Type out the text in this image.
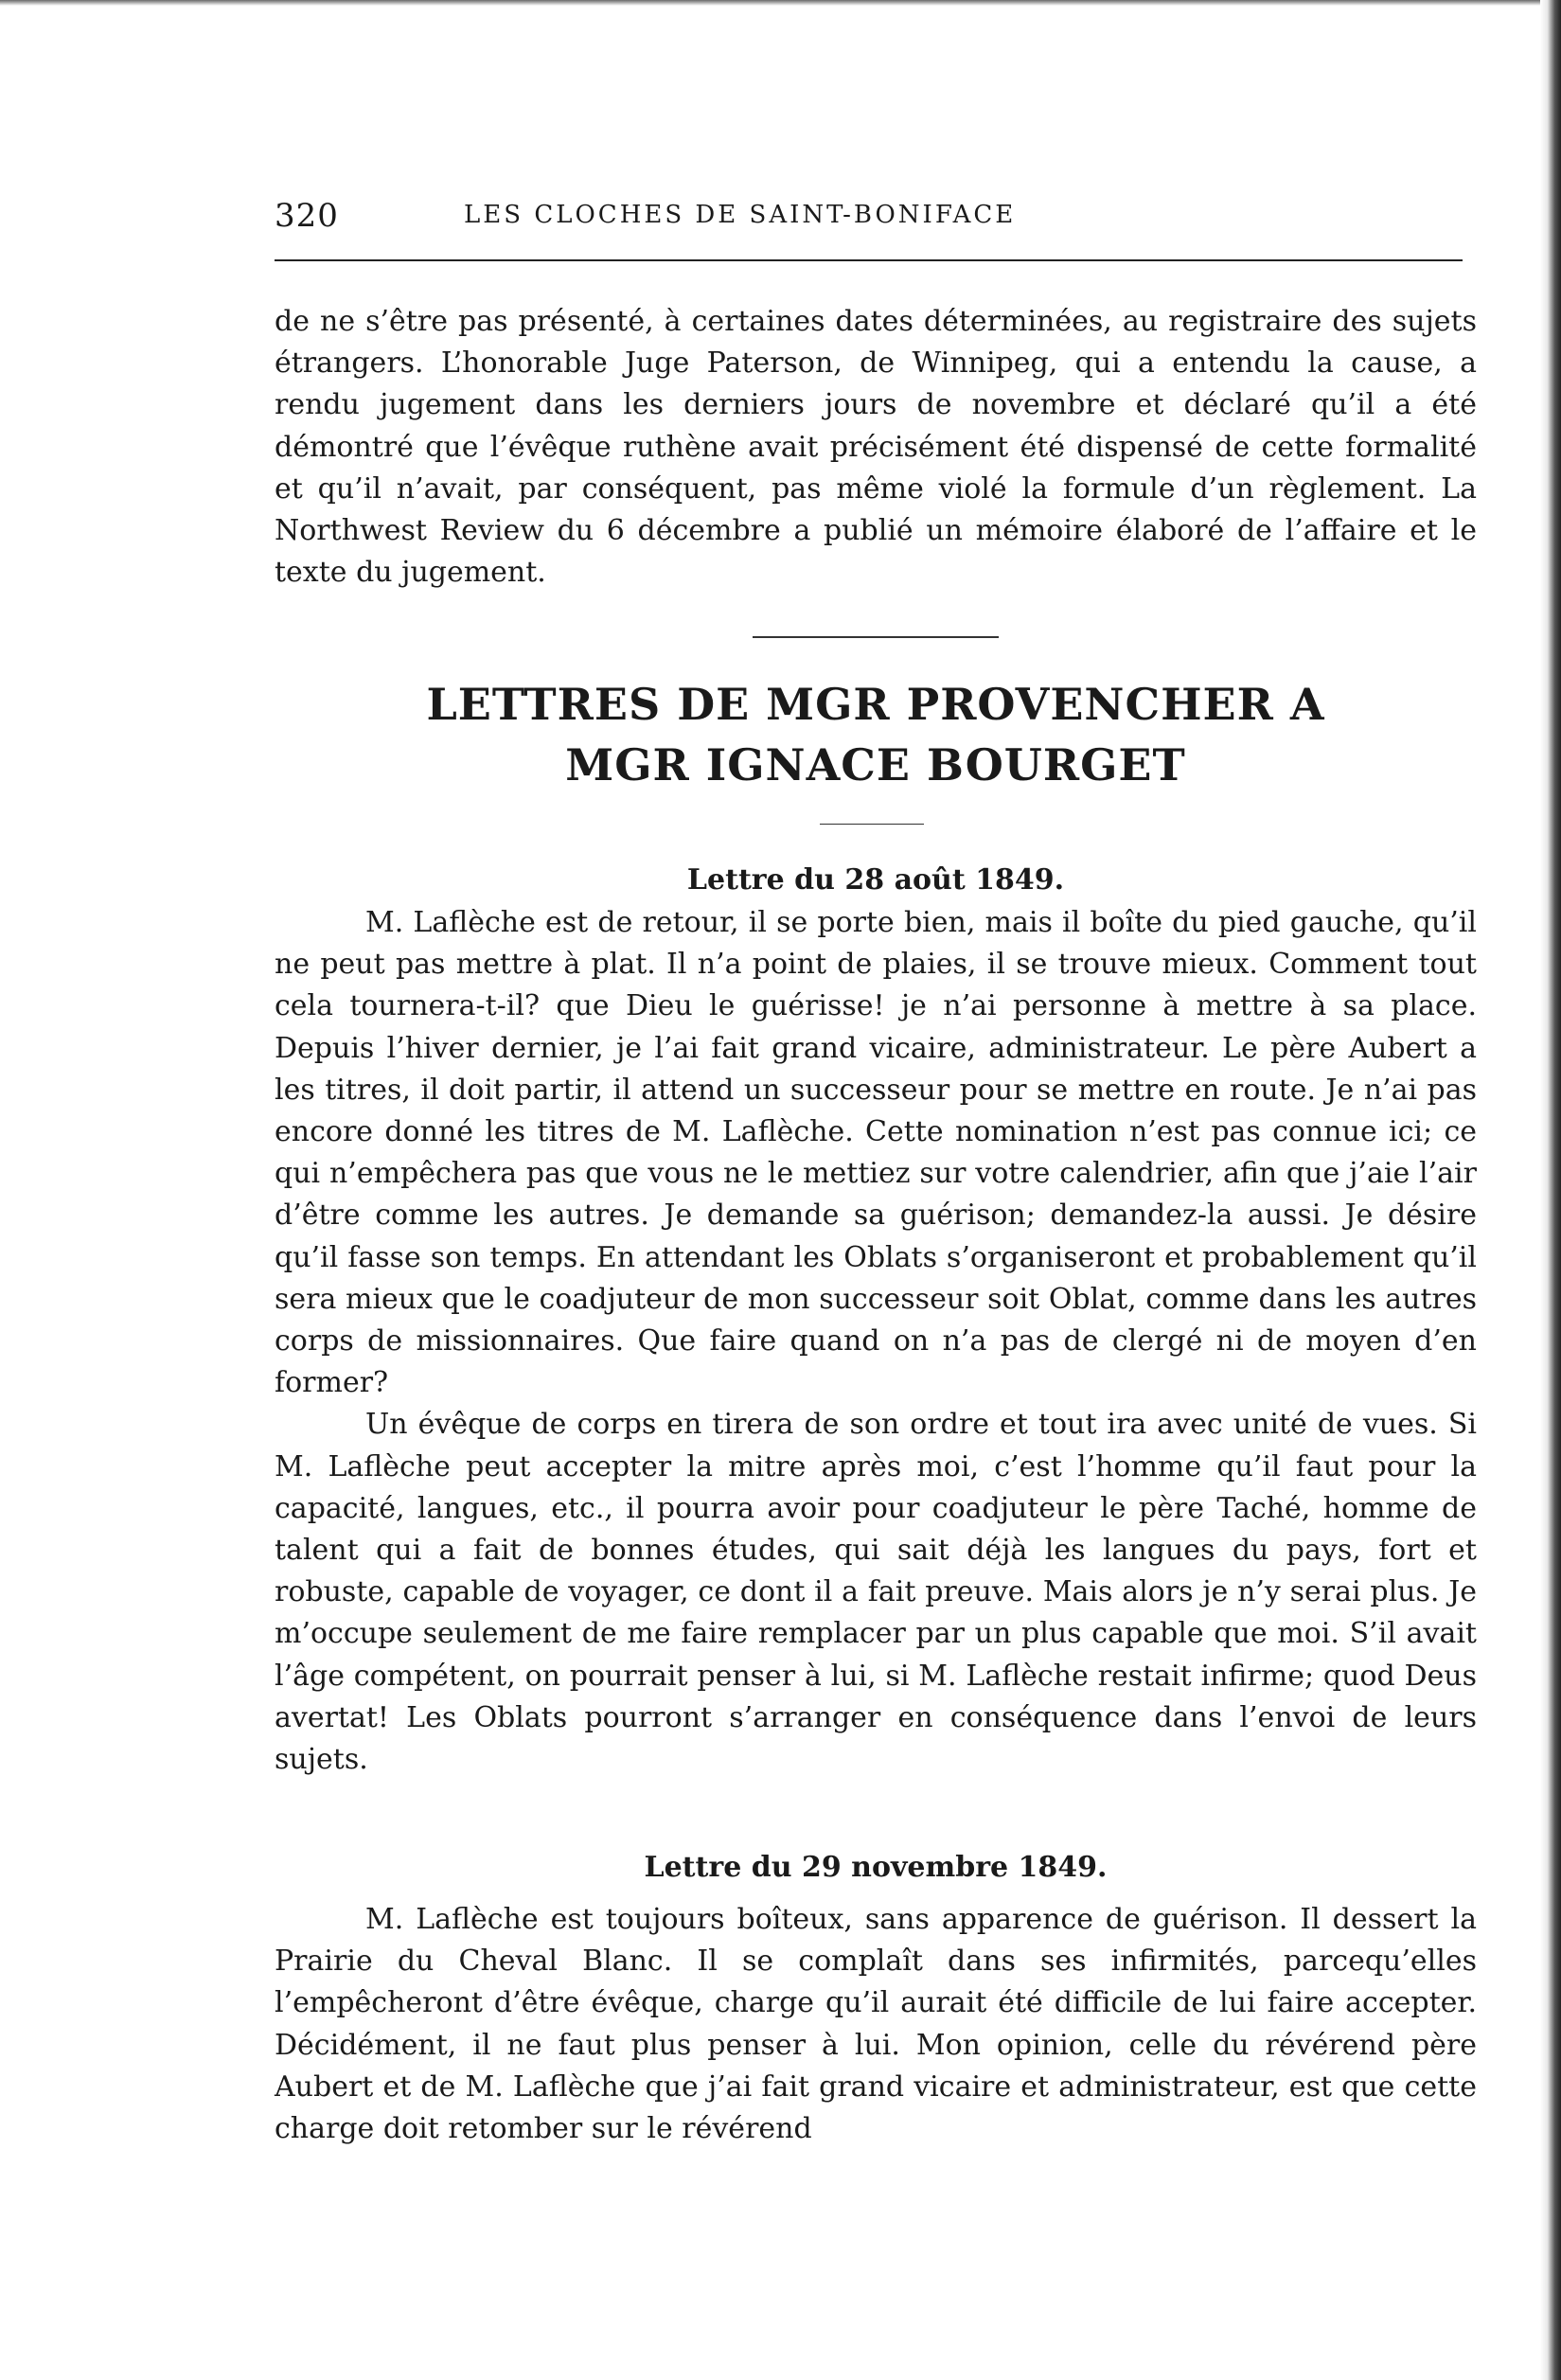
320	LES CLOCHES DE SAINT-BONIFACE

de ne s’être pas présenté, à certaines dates déterminées, au registraire des sujets étrangers. L’honorable Juge Paterson, de Winnipeg, qui a entendu la cause, a rendu jugement dans les derniers jours de novembre et déclaré qu’il a été démontré que l’évêque ruthène avait précisément été dispensé de cette formalité et qu’il n’avait, par conséquent, pas même violé la formule d’un règlement. La Northwest Review du 6 décembre a publié un mémoire élaboré de l’affaire et le texte du jugement.

LETTRES DE MGR PROVENCHER A
MGR IGNACE BOURGET
Lettre du 28 août 1849.

M. Laflèche est de retour, il se porte bien, mais il boîte du pied gauche, qu’il ne peut pas mettre à plat. Il n’a point de plaies, il se trouve mieux. Comment tout cela tournera-t-il? que Dieu le guérisse! je n’ai personne à mettre à sa place. Depuis l’hiver dernier, je l’ai fait grand vicaire, administrateur. Le père Aubert a les titres, il doit partir, il attend un successeur pour se mettre en route. Je n’ai pas encore donné les titres de M. Laflèche. Cette nomination n’est pas connue ici; ce qui n’empêchera pas que vous ne le mettiez sur votre calendrier, afin que j’aie l’air d’être comme les autres. Je demande sa guérison; demandez-la aussi. Je désire qu’il fasse son temps. En attendant les Oblats s’organiseront et probablement qu’il sera mieux que le coadjuteur de mon successeur soit Oblat, comme dans les autres corps de missionnaires. Que faire quand on n’a pas de clergé ni de moyen d’en former?

Un évêque de corps en tirera de son ordre et tout ira avec unité de vues. Si M. Laflèche peut accepter la mitre après moi, c’est l’homme qu’il faut pour la capacité, langues, etc., il pourra avoir pour coadjuteur le père Taché, homme de talent qui a fait de bonnes études, qui sait déjà les langues du pays, fort et robuste, capable de voyager, ce dont il a fait preuve. Mais alors je n’y serai plus. Je m’occupe seulement de me faire remplacer par un plus capable que moi. S’il avait l’âge compétent, on pourrait penser à lui, si M. Laflèche restait infirme; quod Deus avertat! Les Oblats pourront s’arranger en conséquence dans l’envoi de leurs sujets.

Lettre du 29 novembre 1849.

M. Laflèche est toujours boîteux, sans apparence de guérison. Il dessert la Prairie du Cheval Blanc. Il se complaît dans ses infirmités, parcequ’elles l’empêcheront d’être évêque, charge qu’il aurait été difficile de lui faire accepter. Décidément, il ne faut plus penser à lui. Mon opinion, celle du révérend père Aubert et de M. Laflèche que j’ai fait grand vicaire et administrateur, est que cette charge doit retomber sur le révérend
